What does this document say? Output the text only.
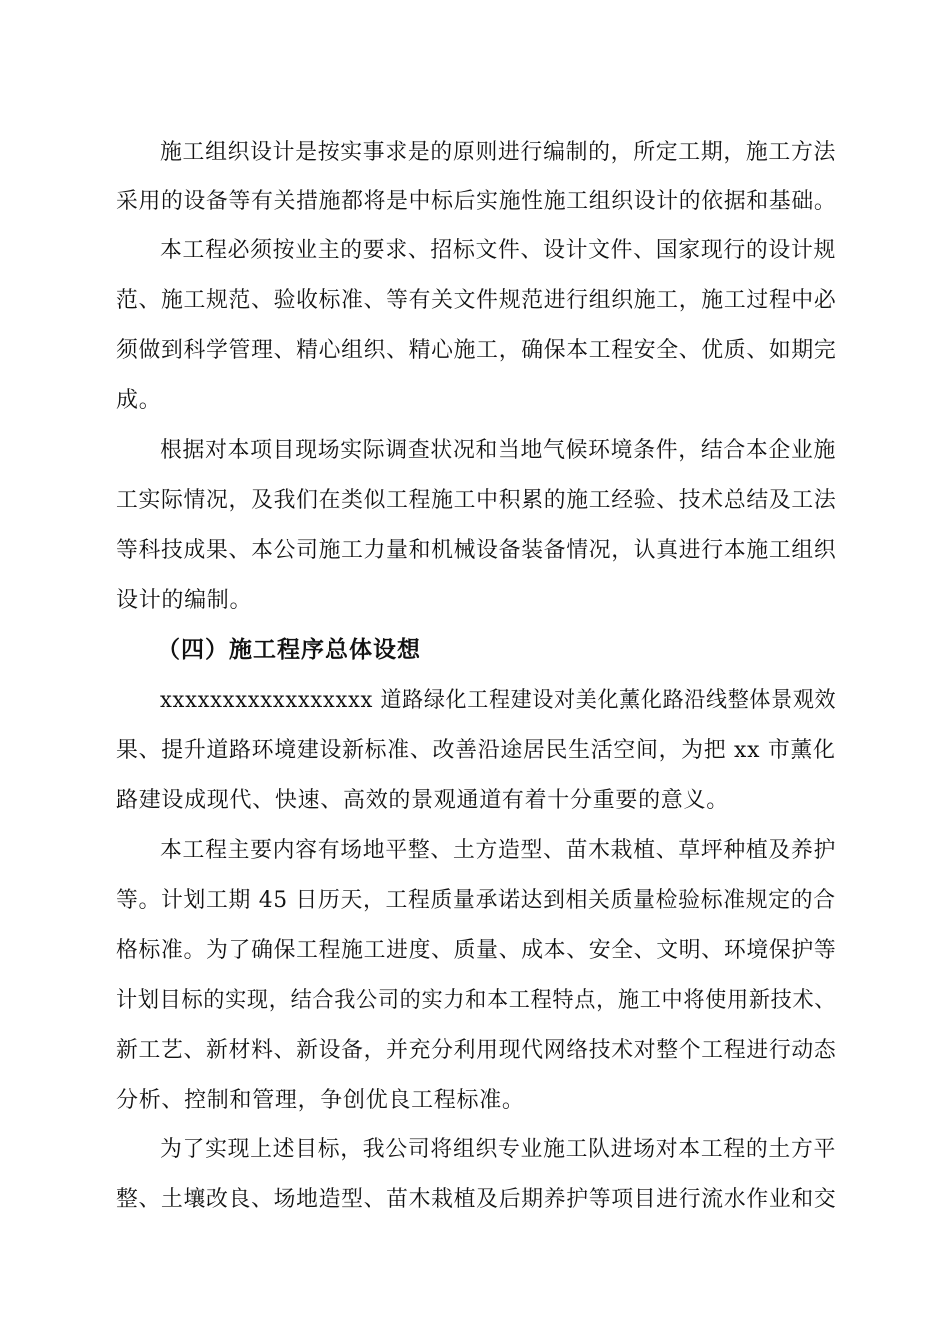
施工组织设计是按实事求是的原则进行编制的，所定工期，施工方法
采用的设备等有关措施都将是中标后实施性施工组织设计的依据和基础。
本工程必须按业主的要求、招标文件、设计文件、国家现行的设计规
范、施工规范、验收标准、等有关文件规范进行组织施工，施工过程中必
须做到科学管理、精心组织、精心施工，确保本工程安全、优质、如期完
成。
根据对本项目现场实际调查状况和当地气候环境条件，结合本企业施
工实际情况，及我们在类似工程施工中积累的施工经验、技术总结及工法
等科技成果、本公司施工力量和机械设备装备情况，认真进行本施工组织
设计的编制。
（四）施工程序总体设想
xxxxxxxxxxxxxxxxx 道路绿化工程建设对美化薰化路沿线整体景观效
果、提升道路环境建设新标准、改善沿途居民生活空间，为把 xx 市薰化
路建设成现代、快速、高效的景观通道有着十分重要的意义。
本工程主要内容有场地平整、土方造型、苗木栽植、草坪种植及养护
等。计划工期 45 日历天，工程质量承诺达到相关质量检验标准规定的合
格标准。为了确保工程施工进度、质量、成本、安全、文明、环境保护等
计划目标的实现，结合我公司的实力和本工程特点，施工中将使用新技术、
新工艺、新材料、新设备，并充分利用现代网络技术对整个工程进行动态
分析、控制和管理，争创优良工程标准。
为了实现上述目标，我公司将组织专业施工队进场对本工程的土方平
整、土壤改良、场地造型、苗木栽植及后期养护等项目进行流水作业和交
